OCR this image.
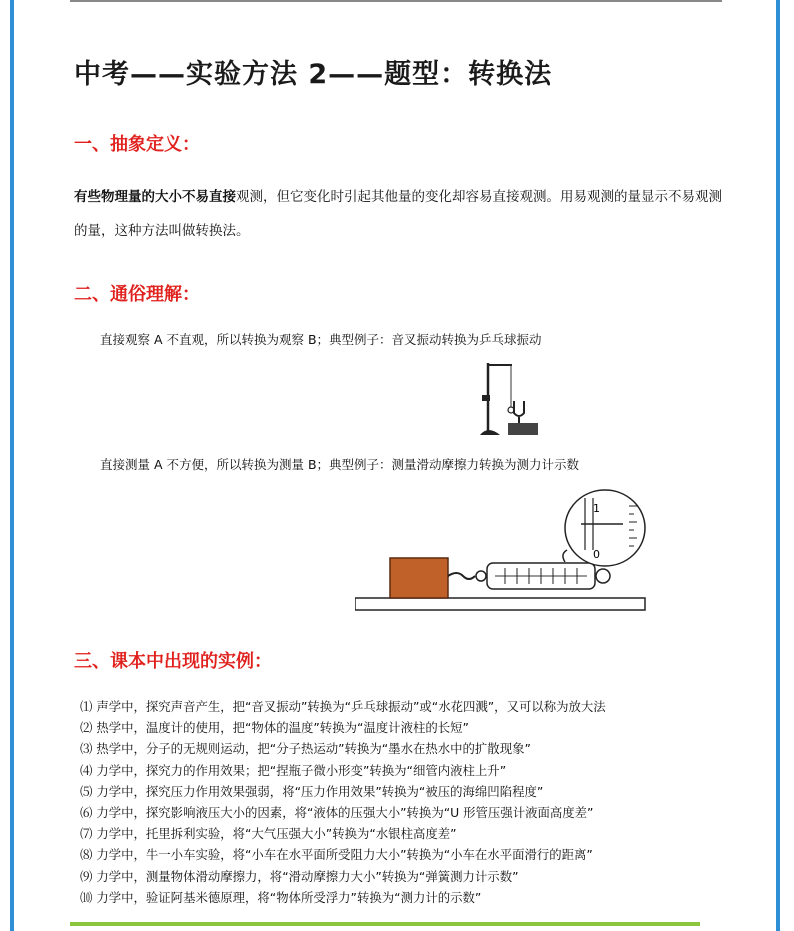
中考——实验方法 2——题型：转换法
一、抽象定义：
有些物理量的大小不易直接观测，但它变化时引起其他量的变化却容易直接观测。用易观测的量显示不易观测的量，这种方法叫做转换法。
二、通俗理解：
直接观察 A 不直观，所以转换为观察 B；典型例子：音叉振动转换为乒乓球振动
直接测量 A 不方便，所以转换为测量 B；典型例子：测量滑动摩擦力转换为测力计示数
1
0
三、课本中出现的实例：
⑴ 声学中，探究声音产生，把“音叉振动”转换为“乒乓球振动”或“水花四溅”，又可以称为放大法
⑵ 热学中，温度计的使用，把“物体的温度”转换为“温度计液柱的长短”
⑶ 热学中，分子的无规则运动，把“分子热运动”转换为“墨水在热水中的扩散现象”
⑷ 力学中，探究力的作用效果；把“捏瓶子微小形变”转换为“细管内液柱上升”
⑸ 力学中，探究压力作用效果强弱，将“压力作用效果”转换为“被压的海绵凹陷程度”
⑹ 力学中，探究影响液压大小的因素，将“液体的压强大小”转换为“U 形管压强计液面高度差”
⑺ 力学中，托里拆利实验，将“大气压强大小”转换为“水银柱高度差”
⑻ 力学中，牛一小车实验，将“小车在水平面所受阻力大小”转换为“小车在水平面滑行的距离”
⑼ 力学中，测量物体滑动摩擦力，将“滑动摩擦力大小”转换为“弹簧测力计示数”
⑽ 力学中，验证阿基米德原理，将“物体所受浮力”转换为“测力计的示数”
